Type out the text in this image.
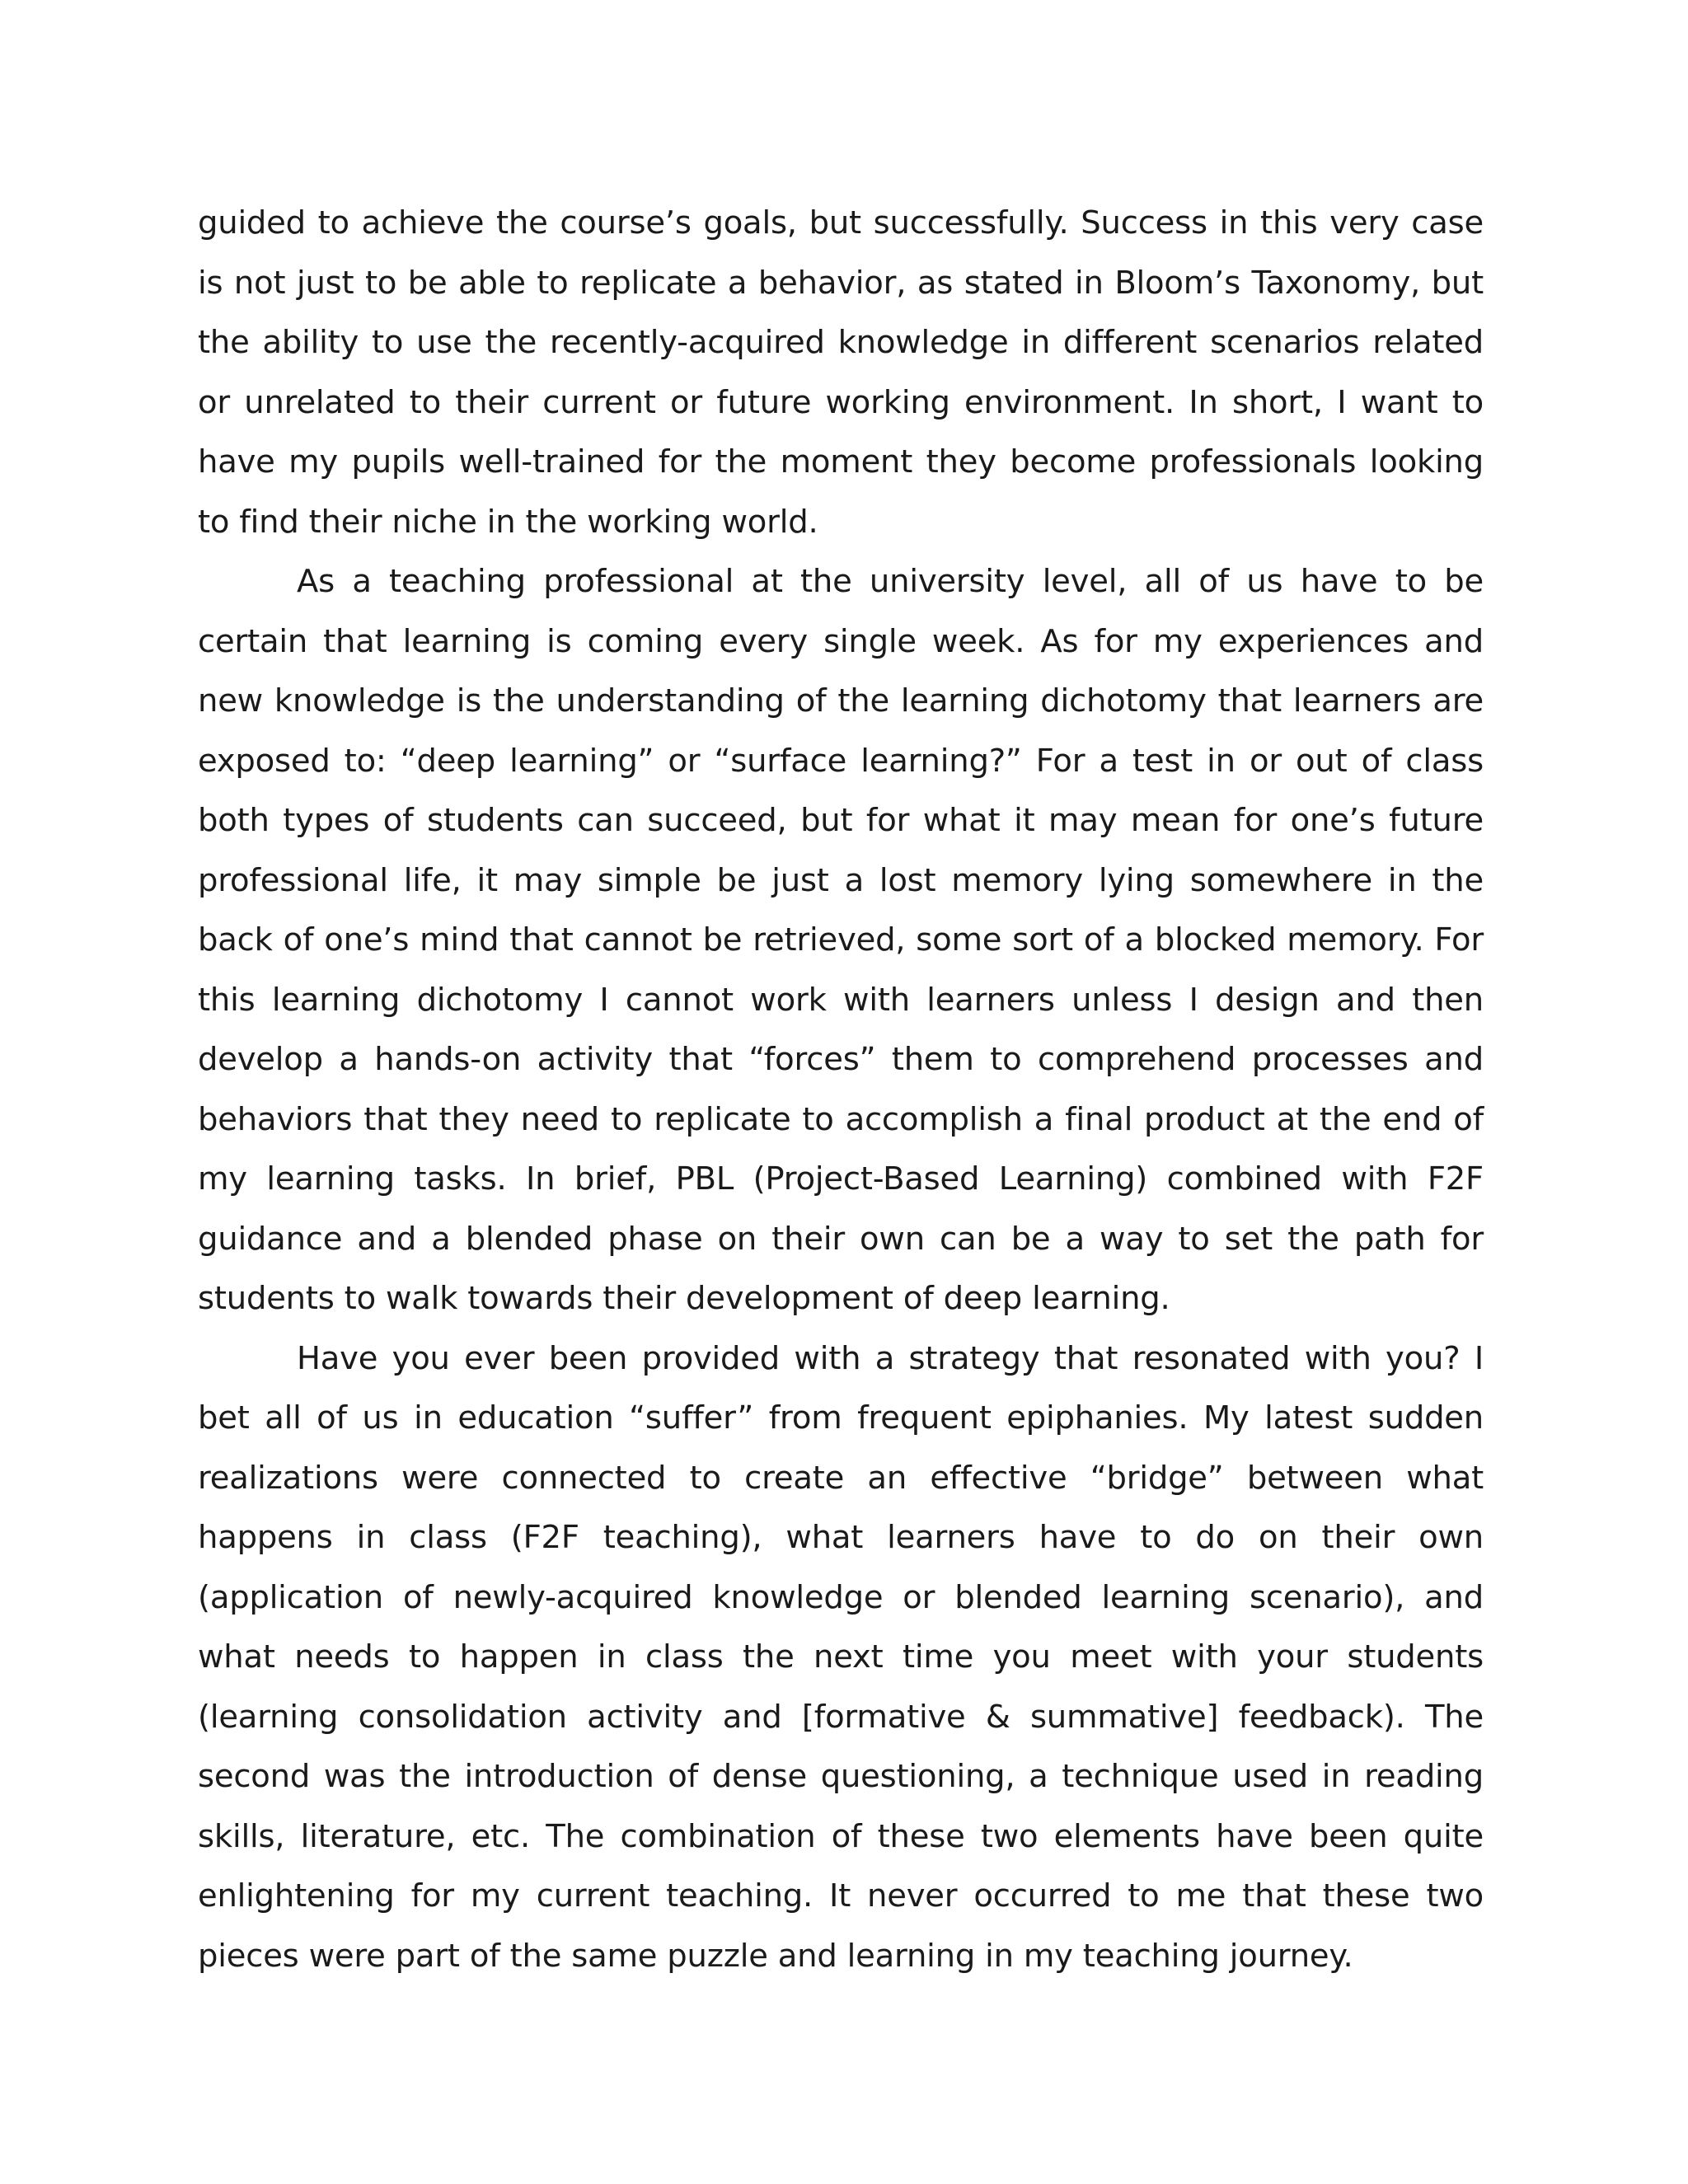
guided to achieve the course’s goals, but successfully. Success in this very case is not just to be able to replicate a behavior, as stated in Bloom’s Taxonomy, but the ability to use the recently-acquired knowledge in different scenarios related or unrelated to their current or future working environment. In short, I want to have my pupils well-trained for the moment they become professionals looking to find their niche in the working world.

As a teaching professional at the university level, all of us have to be certain that learning is coming every single week. As for my experiences and new knowledge is the understanding of the learning dichotomy that learners are exposed to: “deep learning” or “surface learning?” For a test in or out of class both types of students can succeed, but for what it may mean for one’s future professional life, it may simple be just a lost memory lying somewhere in the back of one’s mind that cannot be retrieved, some sort of a blocked memory. For this learning dichotomy I cannot work with learners unless I design and then develop a hands-on activity that “forces” them to comprehend processes and behaviors that they need to replicate to accomplish a final product at the end of my learning tasks. In brief, PBL (Project-Based Learning) combined with F2F guidance and a blended phase on their own can be a way to set the path for students to walk towards their development of deep learning.

Have you ever been provided with a strategy that resonated with you? I bet all of us in education “suffer” from frequent epiphanies. My latest sudden realizations were connected to create an effective “bridge” between what happens in class (F2F teaching), what learners have to do on their own (application of newly-acquired knowledge or blended learning scenario), and what needs to happen in class the next time you meet with your students (learning consolidation activity and [formative & summative] feedback). The second was the introduction of dense questioning, a technique used in reading skills, literature, etc. The combination of these two elements have been quite enlightening for my current teaching. It never occurred to me that these two pieces were part of the same puzzle and learning in my teaching journey.
